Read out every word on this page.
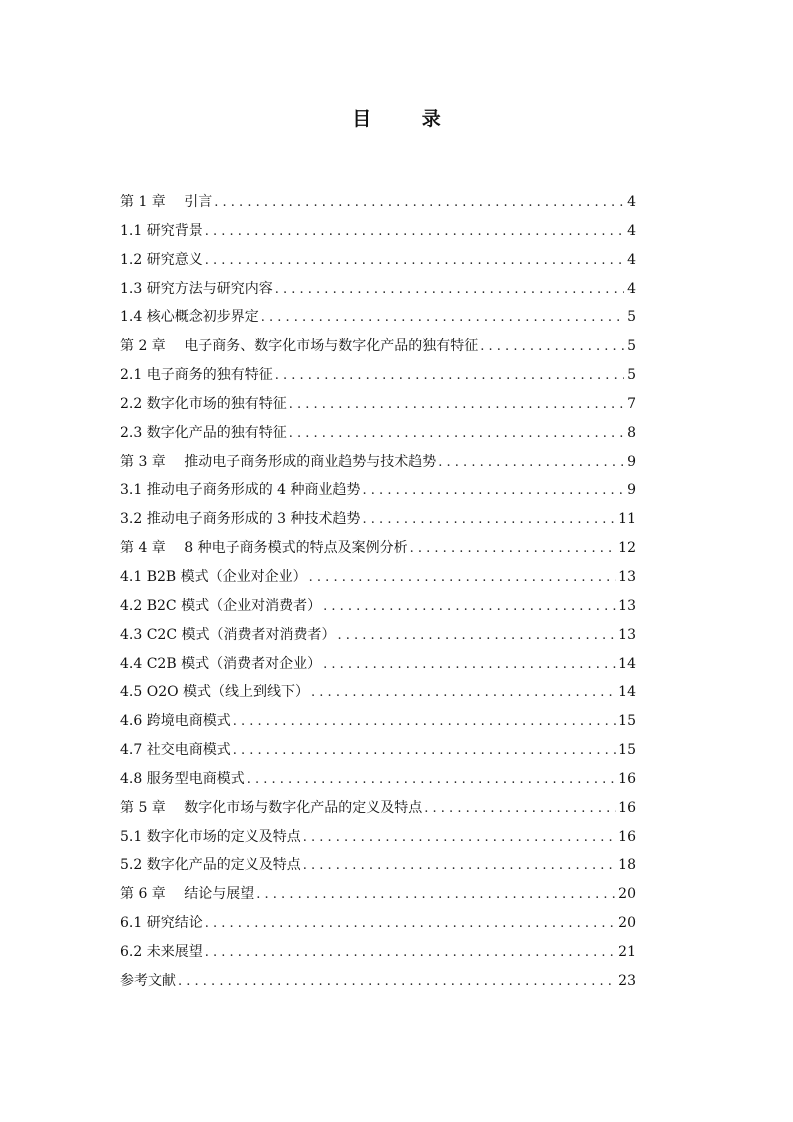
目 录
第 1 章　 引言 . . .	4
1.1 研究背景 . . .	4
1.2 研究意义 . . .	4
1.3 研究方法与研究内容 . . .	4
1.4 核心概念初步界定 . . .	5
第 2 章　 电子商务、数字化市场与数字化产品的独有特征 . . .	5
2.1 电子商务的独有特征 . . .	5
2.2 数字化市场的独有特征 . . .	7
2.3 数字化产品的独有特征 . . .	8
第 3 章　 推动电子商务形成的商业趋势与技术趋势 . . .	9
3.1 推动电子商务形成的 4 种商业趋势 . . .	9
3.2 推动电子商务形成的 3 种技术趋势 . . .	11
第 4 章　 8 种电子商务模式的特点及案例分析 . . .	12
4.1 B2B 模式（企业对企业） . . .	13
4.2 B2C 模式（企业对消费者） . . .	13
4.3 C2C 模式（消费者对消费者） . . .	13
4.4 C2B 模式（消费者对企业） . . .	14
4.5 O2O 模式（线上到线下） . . .	14
4.6 跨境电商模式 . . .	15
4.7 社交电商模式 . . .	15
4.8 服务型电商模式 . . .	16
第 5 章　 数字化市场与数字化产品的定义及特点 . . .	16
5.1 数字化市场的定义及特点 . . .	16
5.2 数字化产品的定义及特点 . . .	18
第 6 章　 结论与展望 . . .	20
6.1 研究结论 . . .	20
6.2 未来展望 . . .	21
参考文献 . . .	23
